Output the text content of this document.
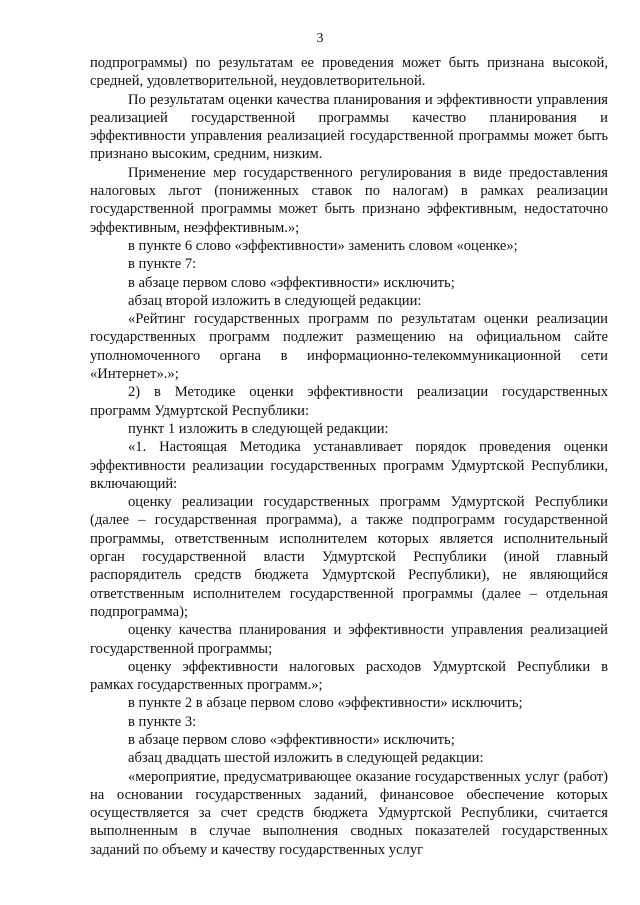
3

подпрограммы) по результатам ее проведения может быть признана высокой, средней, удовлетворительной, неудовлетворительной.

По результатам оценки качества планирования и эффективности управления реализацией государственной программы качество планирования и эффективности управления реализацией государственной программы может быть признано высоким, средним, низким.

Применение мер государственного регулирования в виде предоставления налоговых льгот (пониженных ставок по налогам) в рамках реализации государственной программы может быть признано эффективным, недостаточно эффективным, неэффективным.»;

в пункте 6 слово «эффективности» заменить словом «оценке»;

в пункте 7:

в абзаце первом слово «эффективности» исключить;

абзац второй изложить в следующей редакции:

«Рейтинг государственных программ по результатам оценки реализации государственных программ подлежит размещению на официальном сайте уполномоченного органа в информационно-телекоммуникационной сети «Интернет».»;

2) в Методике оценки эффективности реализации государственных программ Удмуртской Республики:

пункт 1 изложить в следующей редакции:

«1. Настоящая Методика устанавливает порядок проведения оценки эффективности реализации государственных программ Удмуртской Республики, включающий:

оценку реализации государственных программ Удмуртской Республики (далее – государственная программа), а также подпрограмм государственной программы, ответственным исполнителем которых является исполнительный орган государственной власти Удмуртской Республики (иной главный распорядитель средств бюджета Удмуртской Республики), не являющийся ответственным исполнителем государственной программы (далее – отдельная подпрограмма);

оценку качества планирования и эффективности управления реализацией государственной программы;

оценку эффективности налоговых расходов Удмуртской Республики в рамках государственных программ.»;

в пункте 2 в абзаце первом слово «эффективности» исключить;

в пункте 3:

в абзаце первом слово «эффективности» исключить;

абзац двадцать шестой изложить в следующей редакции:

«мероприятие, предусматривающее оказание государственных услуг (работ) на основании государственных заданий, финансовое обеспечение которых осуществляется за счет средств бюджета Удмуртской Республики, считается выполненным в случае выполнения сводных показателей государственных заданий по объему и качеству государственных услуг
